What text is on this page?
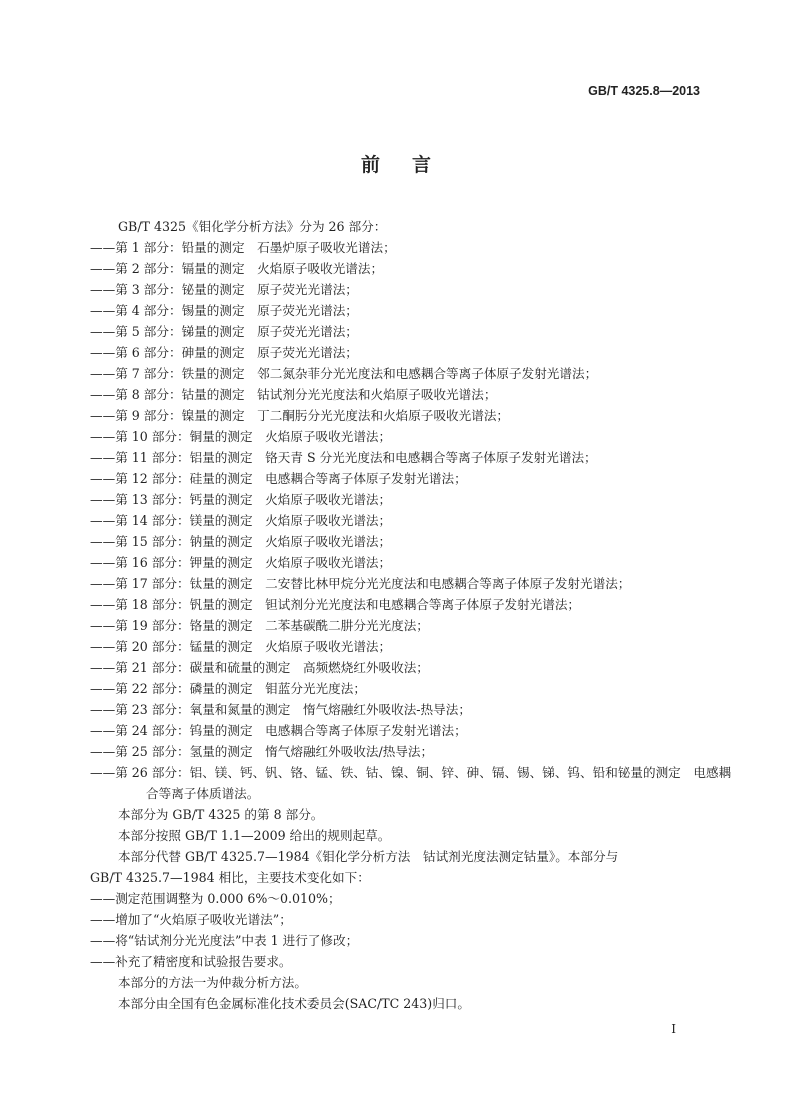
GB/T 4325.8—2013
前言
GB/T 4325《钼化学分析方法》分为 26 部分：
——第 1 部分：铅量的测定　石墨炉原子吸收光谱法；
——第 2 部分：镉量的测定　火焰原子吸收光谱法；
——第 3 部分：铋量的测定　原子荧光光谱法；
——第 4 部分：锡量的测定　原子荧光光谱法；
——第 5 部分：锑量的测定　原子荧光光谱法；
——第 6 部分：砷量的测定　原子荧光光谱法；
——第 7 部分：铁量的测定　邻二氮杂菲分光光度法和电感耦合等离子体原子发射光谱法；
——第 8 部分：钴量的测定　钴试剂分光光度法和火焰原子吸收光谱法；
——第 9 部分：镍量的测定　丁二酮肟分光光度法和火焰原子吸收光谱法；
——第 10 部分：铜量的测定　火焰原子吸收光谱法；
——第 11 部分：铝量的测定　铬天青 S 分光光度法和电感耦合等离子体原子发射光谱法；
——第 12 部分：硅量的测定　电感耦合等离子体原子发射光谱法；
——第 13 部分：钙量的测定　火焰原子吸收光谱法；
——第 14 部分：镁量的测定　火焰原子吸收光谱法；
——第 15 部分：钠量的测定　火焰原子吸收光谱法；
——第 16 部分：钾量的测定　火焰原子吸收光谱法；
——第 17 部分：钛量的测定　二安替比林甲烷分光光度法和电感耦合等离子体原子发射光谱法；
——第 18 部分：钒量的测定　钽试剂分光光度法和电感耦合等离子体原子发射光谱法；
——第 19 部分：铬量的测定　二苯基碳酰二肼分光光度法；
——第 20 部分：锰量的测定　火焰原子吸收光谱法；
——第 21 部分：碳量和硫量的测定　高频燃烧红外吸收法；
——第 22 部分：磷量的测定　钼蓝分光光度法；
——第 23 部分：氧量和氮量的测定　惰气熔融红外吸收法-热导法；
——第 24 部分：钨量的测定　电感耦合等离子体原子发射光谱法；
——第 25 部分：氢量的测定　惰气熔融红外吸收法/热导法；
——第 26 部分：铝、镁、钙、钒、铬、锰、铁、钴、镍、铜、锌、砷、镉、锡、锑、钨、铅和铋量的测定　电感耦
合等离子体质谱法。
本部分为 GB/T 4325 的第 8 部分。
本部分按照 GB/T 1.1—2009 给出的规则起草。
本部分代替 GB/T 4325.7—1984《钼化学分析方法　钴试剂光度法测定钴量》。本部分与
GB/T 4325.7—1984 相比，主要技术变化如下：
——测定范围调整为 0.000 6%～0.010%；
——增加了“火焰原子吸收光谱法”；
——将“钴试剂分光光度法”中表 1 进行了修改；
——补充了精密度和试验报告要求。
本部分的方法一为仲裁分析方法。
本部分由全国有色金属标准化技术委员会(SAC/TC 243)归口。
I
